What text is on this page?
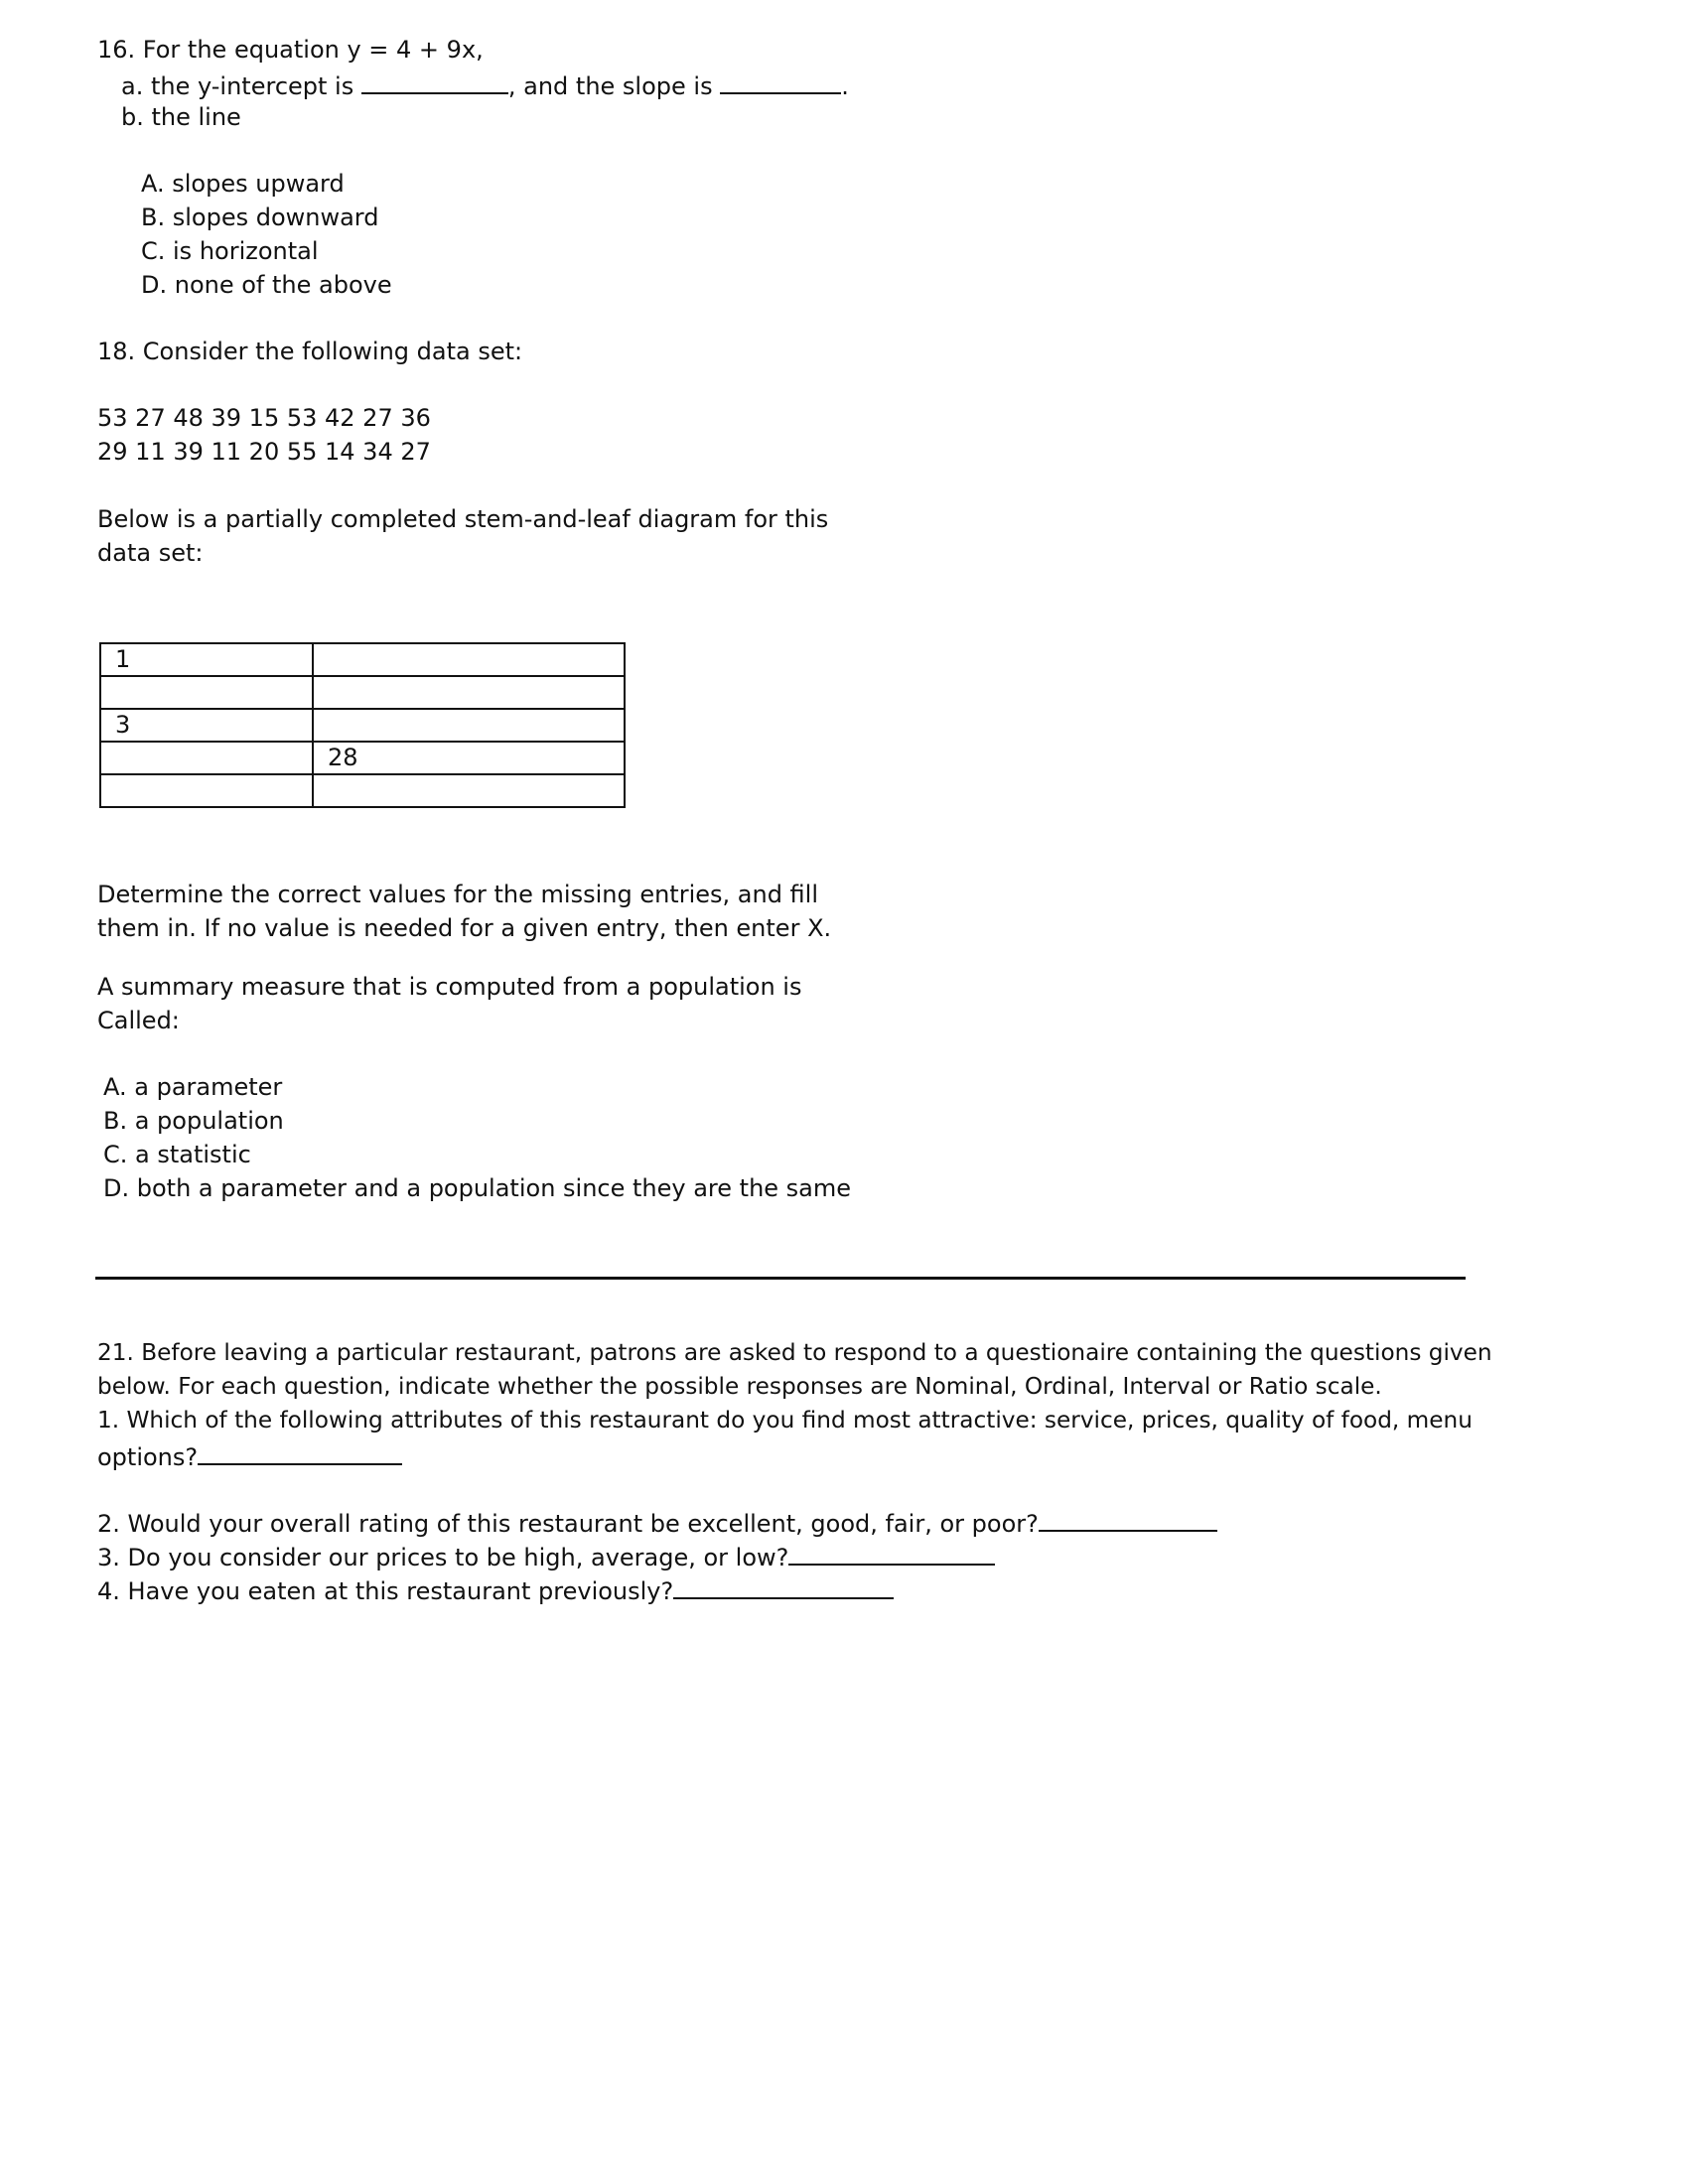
16. For the equation y = 4 + 9x,
a. the y-intercept is	, and the slope is	.
b. the line
A. slopes upward
B. slopes downward
C. is horizontal
D. none of the above
18. Consider the following data set:
53 27 48 39 15 53 42 27 36
29 11 39 11 20 55 14 34 27
Below is a partially completed stem-and-leaf diagram for this
data set:
1	

3	
	28

Determine the correct values for the missing entries, and fill
them in. If no value is needed for a given entry, then enter X.
A summary measure that is computed from a population is
Called:
A. a parameter
B. a population
C. a statistic
D. both a parameter and a population since they are the same
21. Before leaving a particular restaurant, patrons are asked to respond to a questionaire containing the questions given
below. For each question, indicate whether the possible responses are Nominal, Ordinal, Interval or Ratio scale.
1. Which of the following attributes of this restaurant do you find most attractive: service, prices, quality of food, menu
options?
2. Would your overall rating of this restaurant be excellent, good, fair, or poor?
3. Do you consider our prices to be high, average, or low?
4. Have you eaten at this restaurant previously?
